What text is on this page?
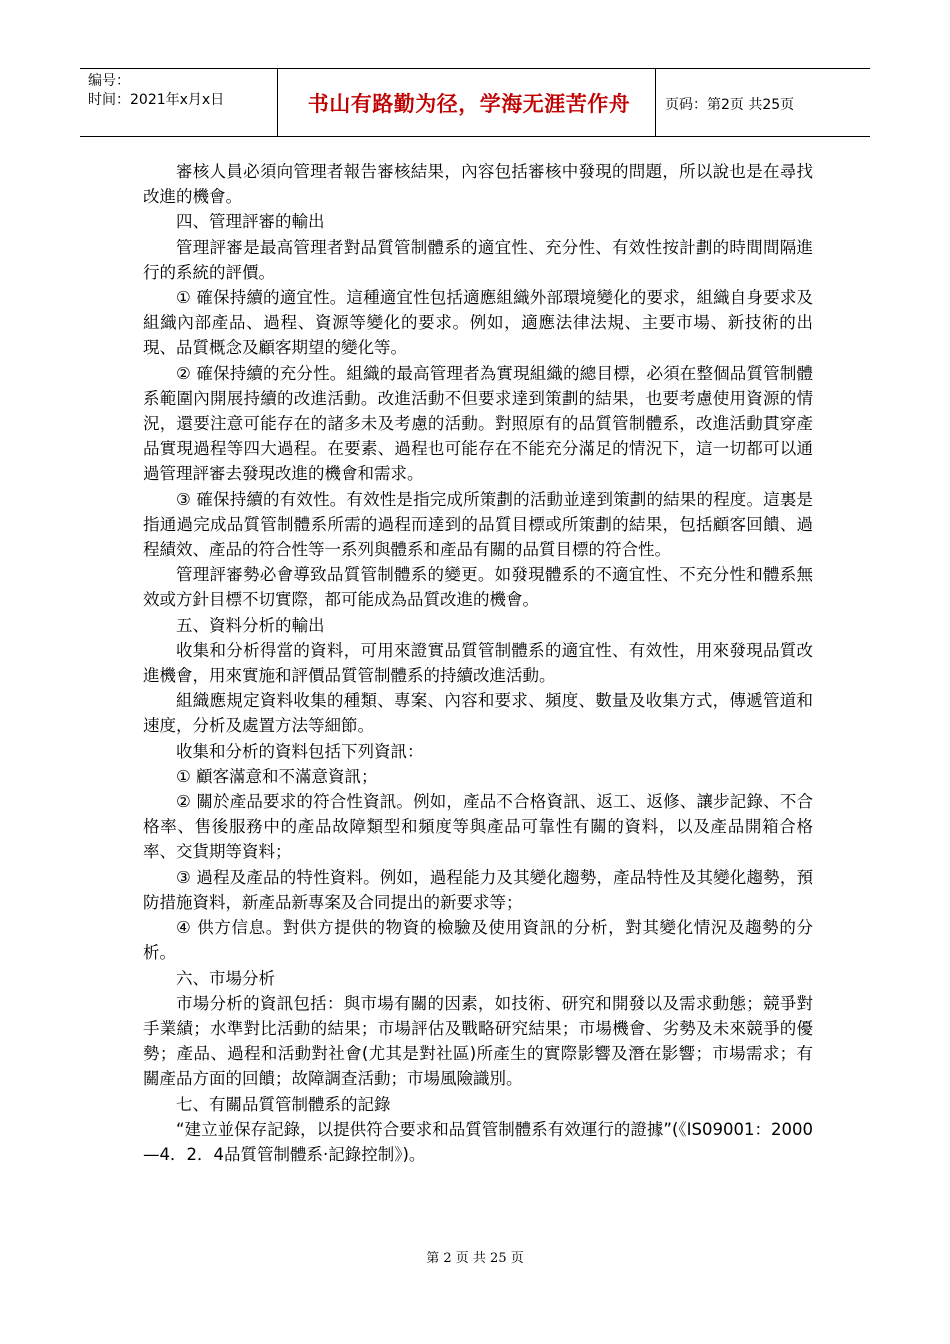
编号：
时间：2021年x月x日	书山有路勤为径，学海无涯苦作舟	页码：第2页 共25页

審核人員必須向管理者報告審核結果，內容包括審核中發現的問題，所以說也是在尋找改進的機會。

四、管理評審的輸出

管理評審是最高管理者對品質管制體系的適宜性、充分性、有效性按計劃的時間間隔進行的系統的評價。

① 確保持續的適宜性。這種適宜性包括適應組織外部環境變化的要求，組織自身要求及組織內部產品、過程、資源等變化的要求。例如，適應法律法規、主要市場、新技術的出現、品質概念及顧客期望的變化等。

② 確保持續的充分性。組織的最高管理者為實現組織的總目標，必須在整個品質管制體系範圍內開展持續的改進活動。改進活動不但要求達到策劃的結果，也要考慮使用資源的情況，還要注意可能存在的諸多未及考慮的活動。對照原有的品質管制體系，改進活動貫穿產品實現過程等四大過程。在要素、過程也可能存在不能充分滿足的情況下，這一切都可以通過管理評審去發現改進的機會和需求。

③ 確保持續的有效性。有效性是指完成所策劃的活動並達到策劃的結果的程度。這裏是指通過完成品質管制體系所需的過程而達到的品質目標或所策劃的結果，包括顧客回饋、過程績效、產品的符合性等一系列與體系和產品有關的品質目標的符合性。

管理評審勢必會導致品質管制體系的變更。如發現體系的不適宜性、不充分性和體系無效或方針目標不切實際，都可能成為品質改進的機會。

五、資料分析的輸出

收集和分析得當的資料，可用來證實品質管制體系的適宜性、有效性，用來發現品質改進機會，用來實施和評價品質管制體系的持續改進活動。

組織應規定資料收集的種類、專案、內容和要求、頻度、數量及收集方式，傳遞管道和速度，分析及處置方法等細節。

收集和分析的資料包括下列資訊：

① 顧客滿意和不滿意資訊；

② 關於產品要求的符合性資訊。例如，產品不合格資訊、返工、返修、讓步記錄、不合格率、售後服務中的產品故障類型和頻度等與產品可靠性有關的資料，以及產品開箱合格率、交貨期等資料；

③ 過程及產品的特性資料。例如，過程能力及其變化趨勢，產品特性及其變化趨勢，預防措施資料，新產品新專案及合同提出的新要求等；

④ 供方信息。對供方提供的物資的檢驗及使用資訊的分析，對其變化情況及趨勢的分析。

六、市場分析

市場分析的資訊包括：與市場有關的因素，如技術、研究和開發以及需求動態；競爭對手業績；水準對比活動的結果；市場評估及戰略研究結果；市場機會、劣勢及未來競爭的優勢；產品、過程和活動對社會(尤其是對社區)所產生的實際影響及潛在影響；市場需求；有關產品方面的回饋；故障調查活動；市場風險識別。

七、有關品質管制體系的記錄

“建立並保存記錄，以提供符合要求和品質管制體系有效運行的證據”(《IS09001：2000—4．2．4品質管制體系·記錄控制》)。

第 2 页 共 25 页
